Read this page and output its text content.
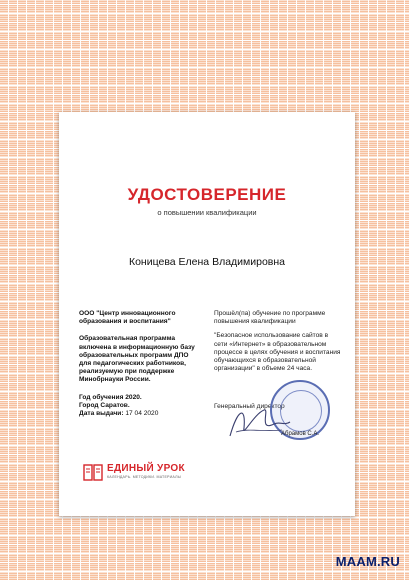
УДОСТОВЕРЕНИЕ
о повышении квалификации
Коницева Елена Владимировна
ООО "Центр инновационного образования и воспитания"
Образовательная программа включена в информационную базу образовательных программ ДПО для педагогических работников, реализуемую при поддержке Минобрнауки России.
Год обучения 2020.
Город Саратов.
Дата выдачи: 17 04 2020
Прошёл(па) обучение по программе повышения квалификации
"Безопасное использование сайтов в сети «Интернет» в образовательном процессе в целях обучения и воспитания обучающихся в образовательной организации" в объеме 24 часа.
Генеральный директор
Абрамов С.А.
ЕДИНЫЙ УРОК
КАЛЕНДАРЬ. МЕТОДИКИ. МАТЕРИАЛЫ
MAAM.RU
